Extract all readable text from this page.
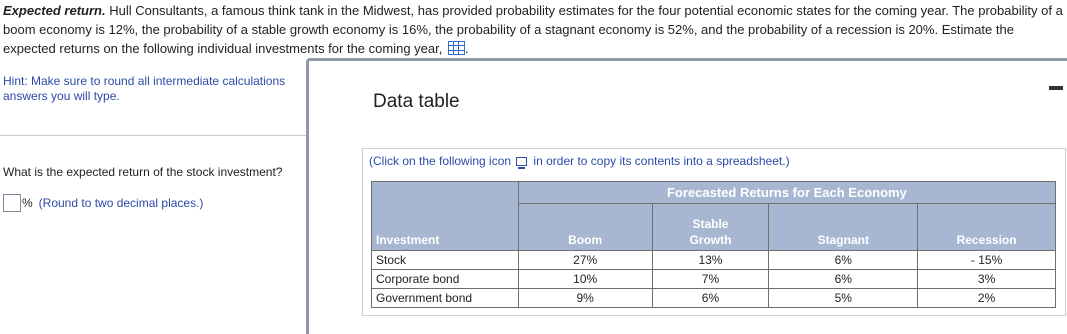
Expected return. Hull Consultants, a famous think tank in the Midwest, has provided probability estimates for the four potential economic states for the coming year. The probability of a boom economy is 12%, the probability of a stable growth economy is 16%, the probability of a stagnant economy is 52%, and the probability of a recession is 20%. Estimate the expected returns on the following individual investments for the coming year, .
Hint: Make sure to round all intermediate calculations
answers you will type.
What is the expected return of the stock investment?
% (Round to two decimal places.)
Data table
(Click on the following icon in order to copy its contents into a spreadsheet.)
	Forecasted Returns for Each Economy			
Investment	Boom	Stable Growth	Stagnant	Recession
Stock	27%	13%	6%	- 15%
Corporate bond	10%	7%	6%	3%
Government bond	9%	6%	5%	2%
